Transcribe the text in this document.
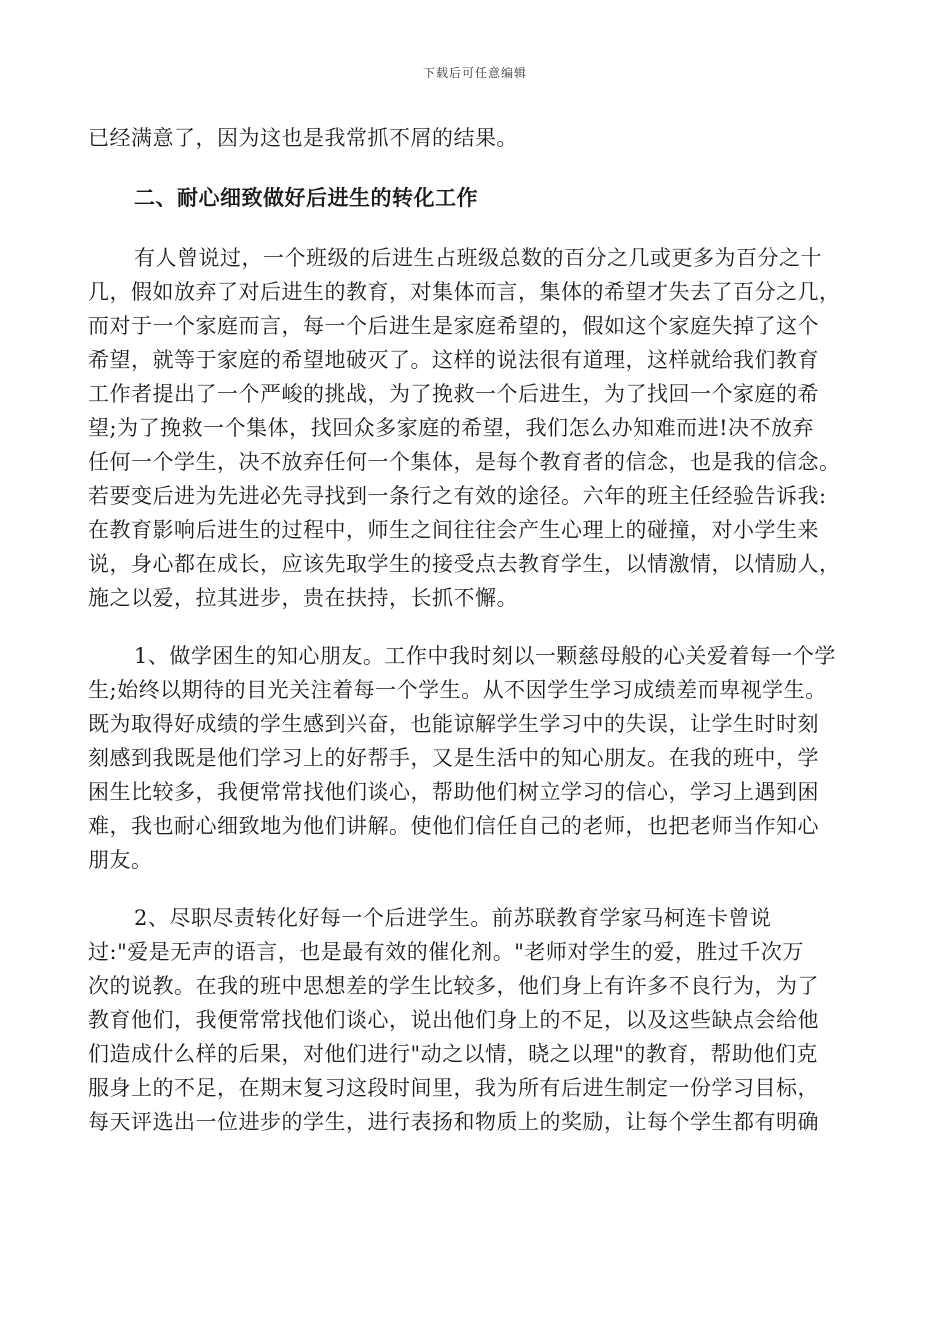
下载后可任意编辑
已经满意了，因为这也是我常抓不屑的结果。
二、耐心细致做好后进生的转化工作
有人曾说过，一个班级的后进生占班级总数的百分之几或更多为百分之十
几，假如放弃了对后进生的教育，对集体而言，集体的希望才失去了百分之几，
而对于一个家庭而言，每一个后进生是家庭希望的，假如这个家庭失掉了这个
希望，就等于家庭的希望地破灭了。这样的说法很有道理，这样就给我们教育
工作者提出了一个严峻的挑战，为了挽救一个后进生，为了找回一个家庭的希
望;为了挽救一个集体，找回众多家庭的希望，我们怎么办知难而进!决不放弃
任何一个学生，决不放弃任何一个集体，是每个教育者的信念，也是我的信念。
若要变后进为先进必先寻找到一条行之有效的途径。六年的班主任经验告诉我:
在教育影响后进生的过程中，师生之间往往会产生心理上的碰撞，对小学生来
说，身心都在成长，应该先取学生的接受点去教育学生，以情激情，以情励人，
施之以爱，拉其进步，贵在扶持，长抓不懈。
1、做学困生的知心朋友。工作中我时刻以一颗慈母般的心关爱着每一个学
生;始终以期待的目光关注着每一个学生。从不因学生学习成绩差而卑视学生。
既为取得好成绩的学生感到兴奋，也能谅解学生学习中的失误，让学生时时刻
刻感到我既是他们学习上的好帮手，又是生活中的知心朋友。在我的班中，学
困生比较多，我便常常找他们谈心，帮助他们树立学习的信心，学习上遇到困
难，我也耐心细致地为他们讲解。使他们信任自己的老师，也把老师当作知心
朋友。
2、尽职尽责转化好每一个后进学生。前苏联教育学家马柯连卡曾说
过:"爱是无声的语言，也是最有效的催化剂。"老师对学生的爱，胜过千次万
次的说教。在我的班中思想差的学生比较多，他们身上有许多不良行为，为了
教育他们，我便常常找他们谈心，说出他们身上的不足，以及这些缺点会给他
们造成什么样的后果，对他们进行"动之以情，晓之以理"的教育，帮助他们克
服身上的不足，在期末复习这段时间里，我为所有后进生制定一份学习目标，
每天评选出一位进步的学生，进行表扬和物质上的奖励，让每个学生都有明确
